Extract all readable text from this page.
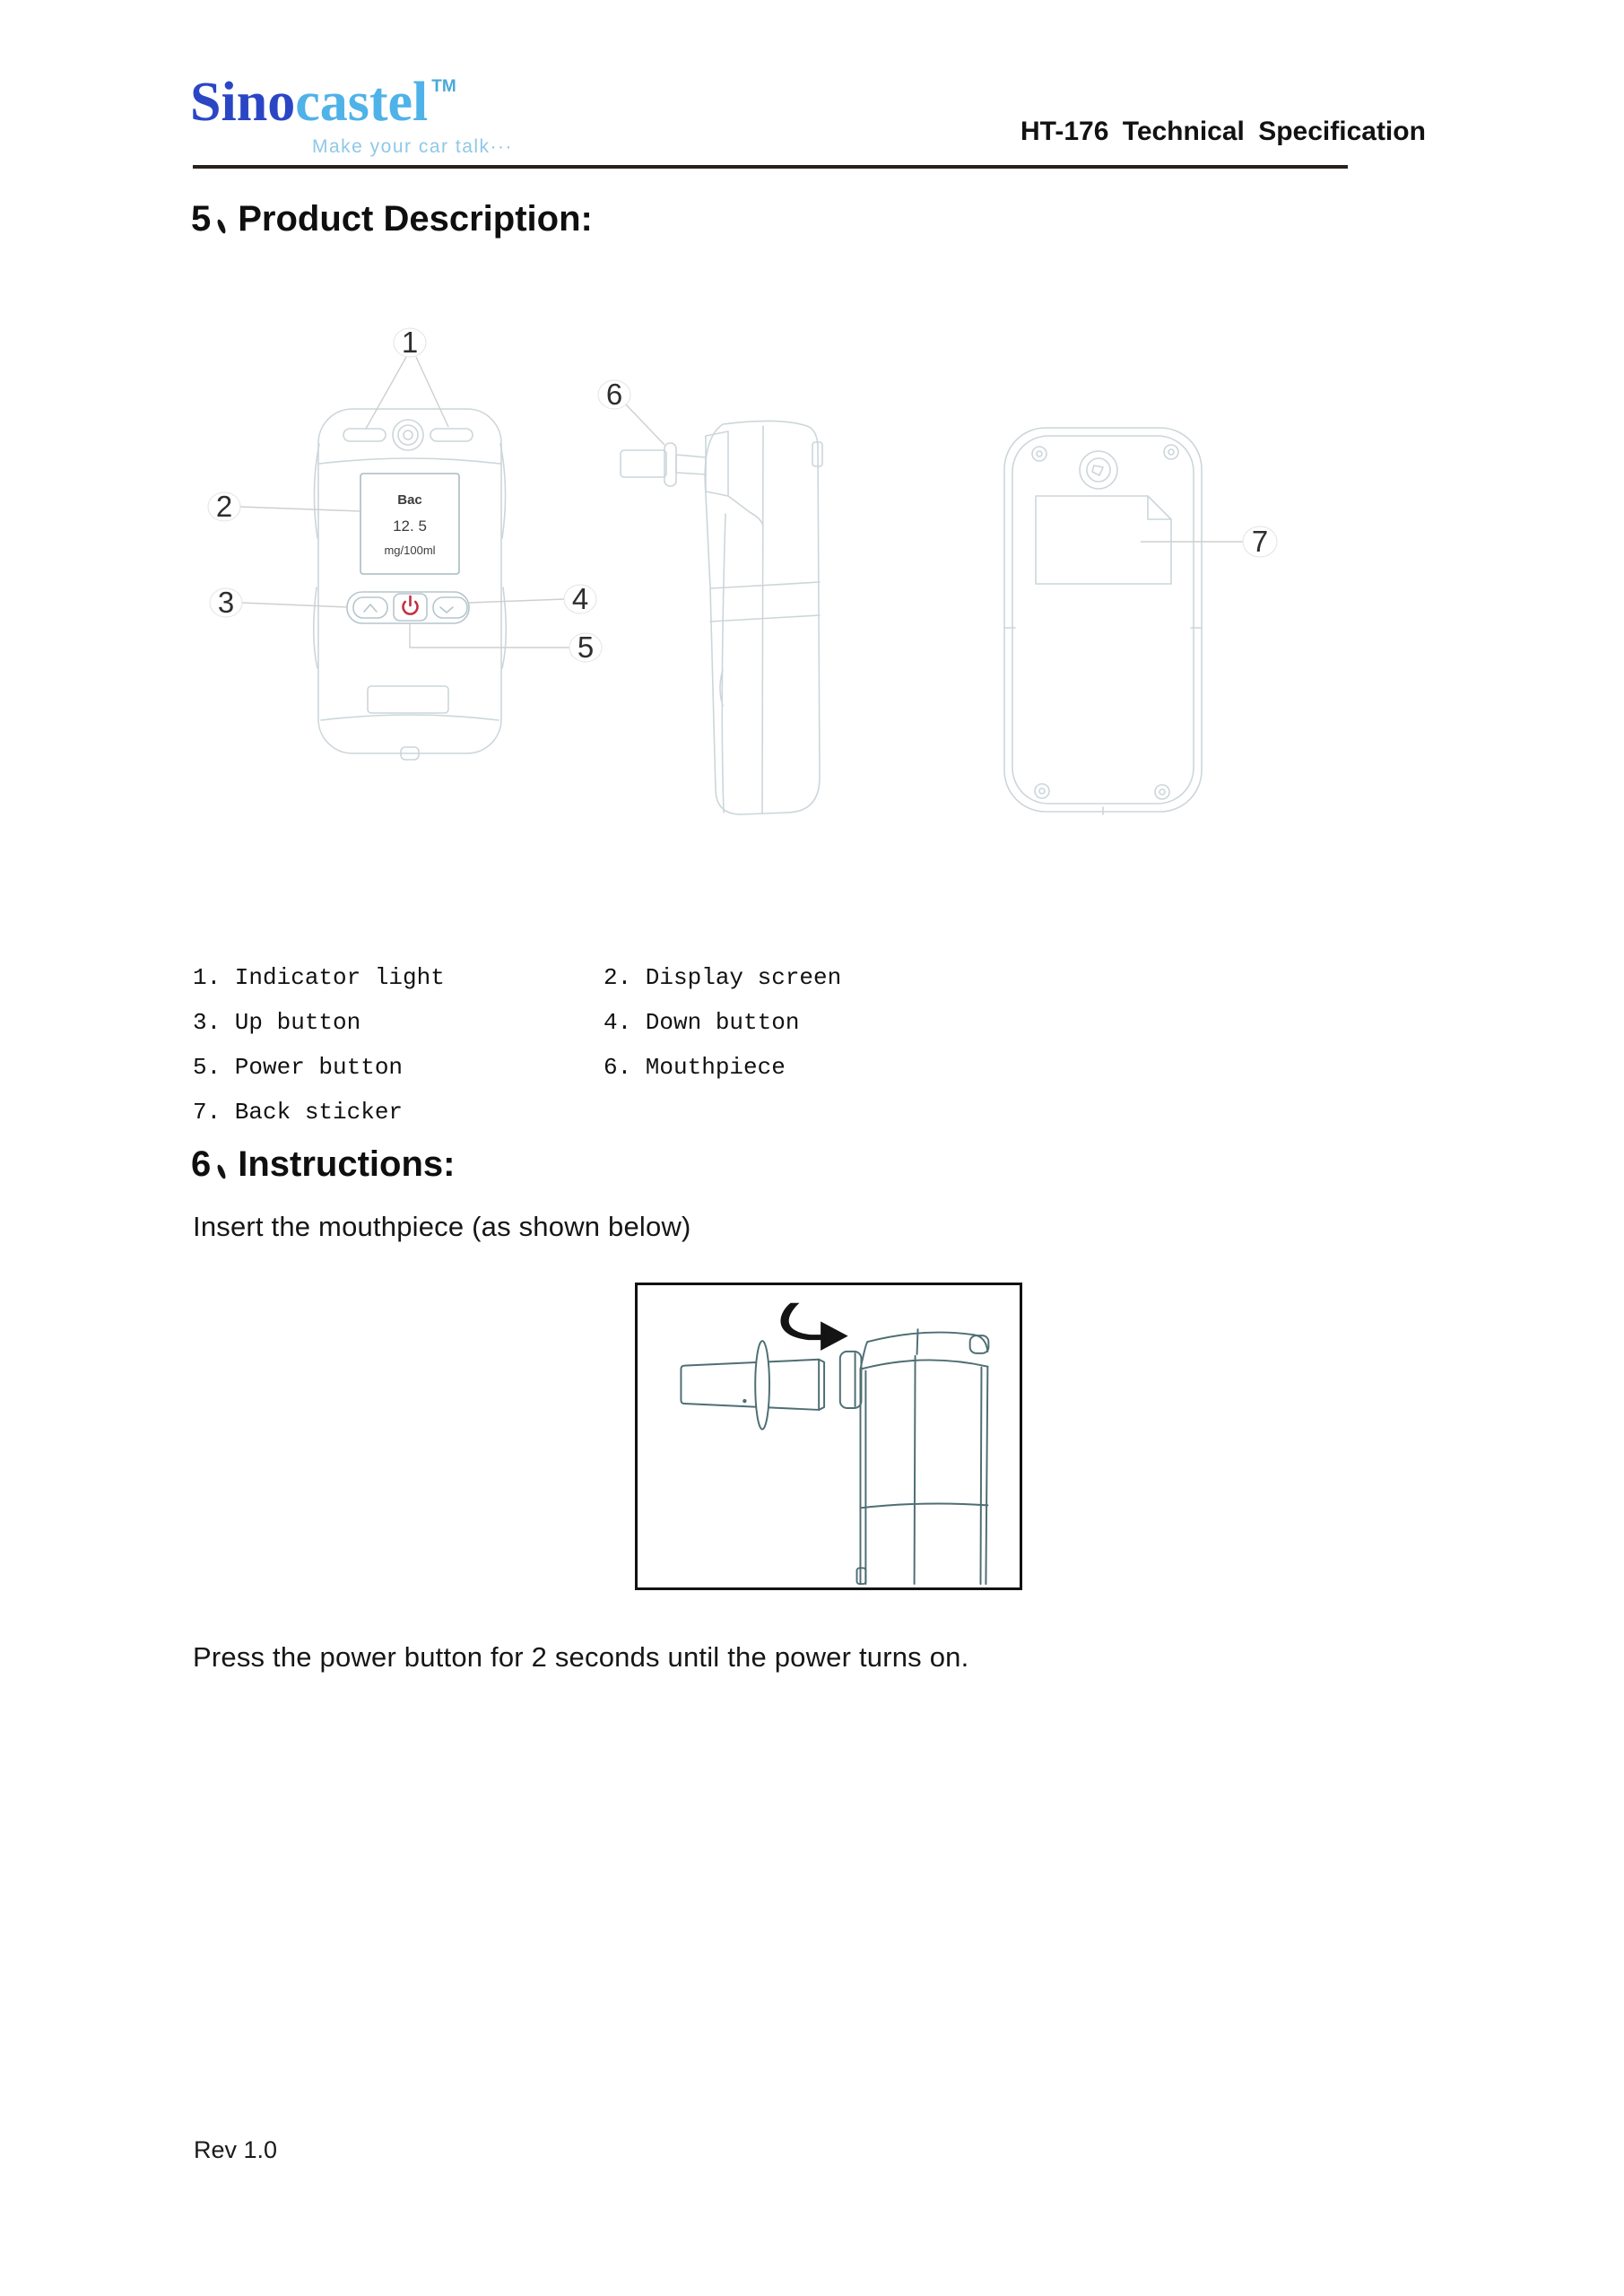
Sinocastel ™
Make your car talk···
HT-176 Technical Specification
5 Product Description:
Bac
12. 5
mg/100ml
1
2
3	4
5
6
7
1. Indicator light	2. Display screen
3. Up button	4. Down button
5. Power button	6. Mouthpiece
7. Back sticker
6 Instructions:

Insert the mouthpiece (as shown below)

Press the power button for 2 seconds until the power turns on.

Rev 1.0
